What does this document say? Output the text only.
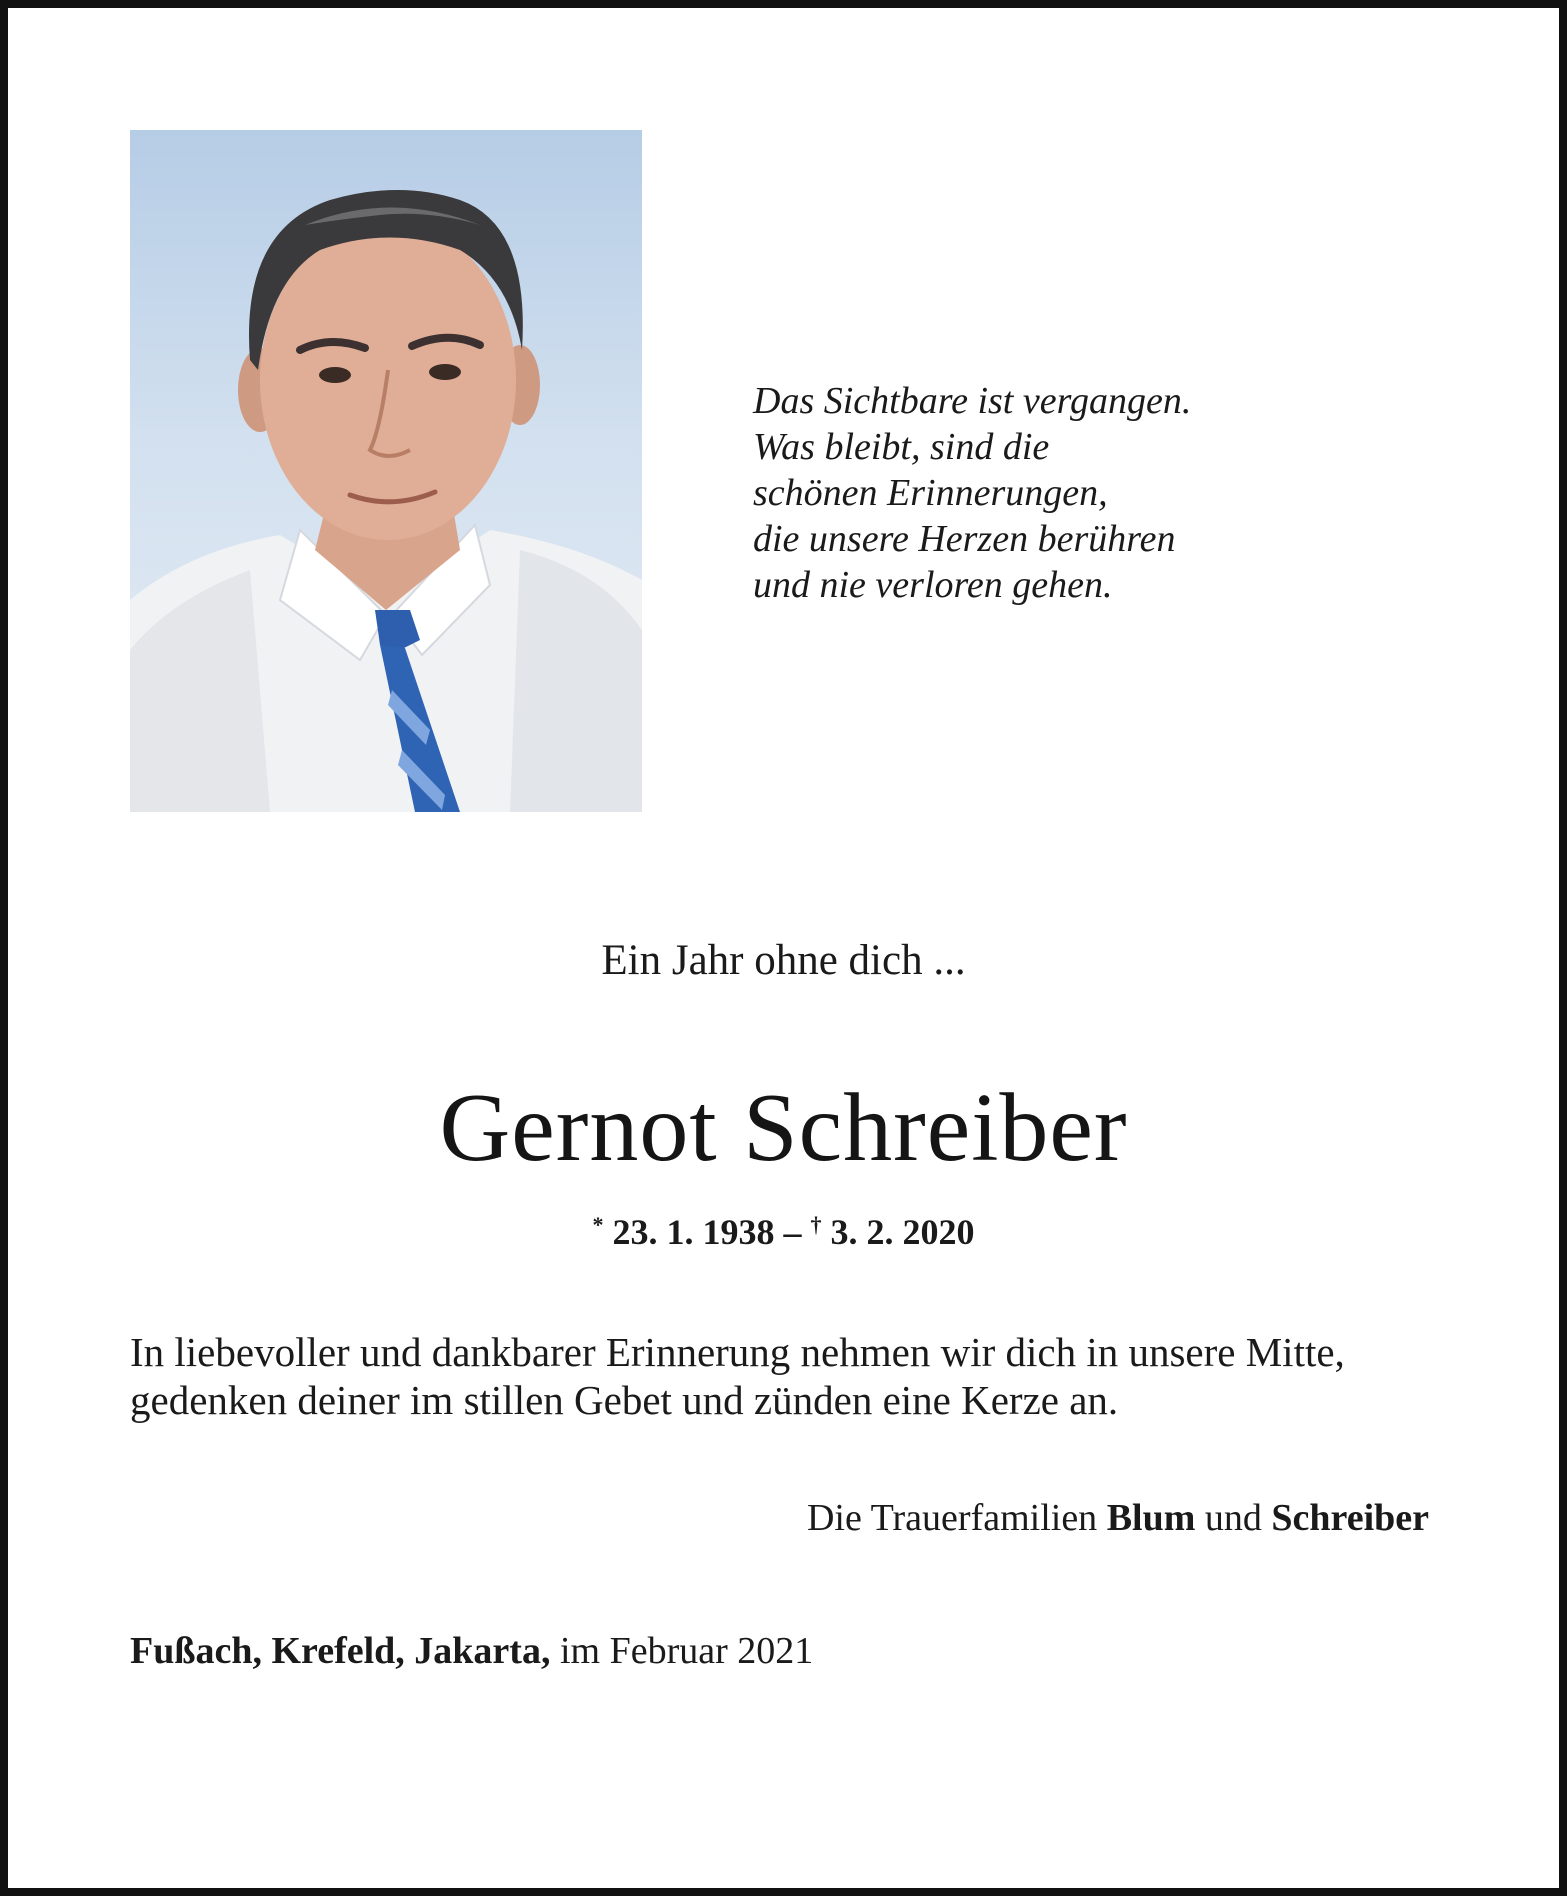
Das Sichtbare ist vergangen.
Was bleibt, sind die
schönen Erinnerungen,
die unsere Herzen berühren
und nie verloren gehen.
Ein Jahr ohne dich ...
Gernot Schreiber
* 23. 1. 1938 – † 3. 2. 2020
In liebevoller und dankbarer Erinnerung nehmen wir dich in unsere Mitte,
gedenken deiner im stillen Gebet und zünden eine Kerze an.
Die Trauerfamilien Blum und Schreiber
Fußach, Krefeld, Jakarta, im Februar 2021
